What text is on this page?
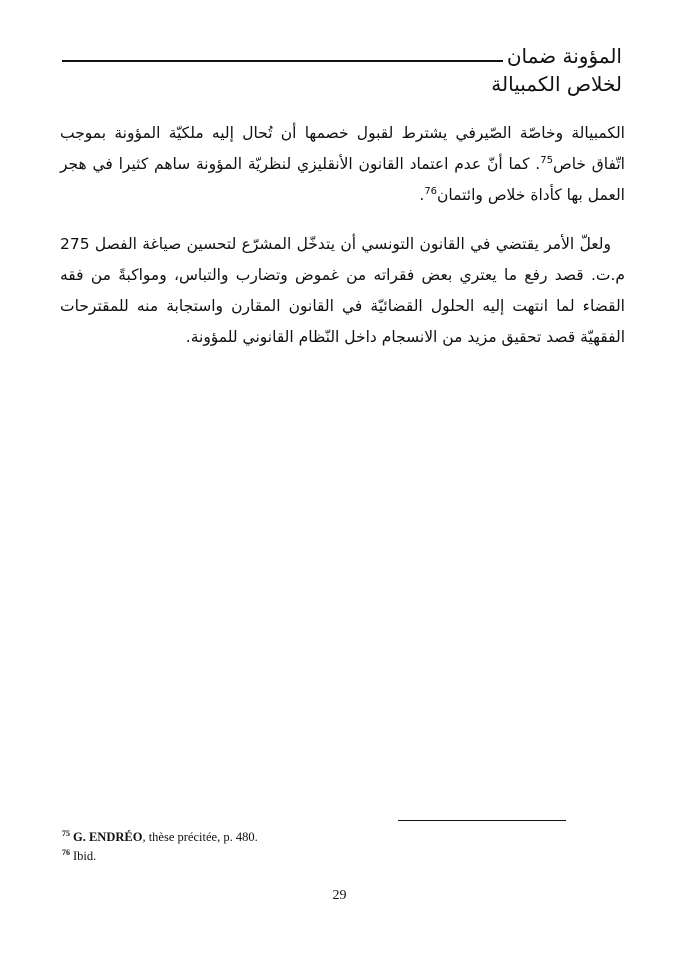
المؤونة ضمان
لخلاص الكمبيالة

الكمبيالة وخاصّة الصّيرفي يشترط لقبول خصمها أن تُحال إليه ملكيّة المؤونة بموجب اتّفاق خاص$^{75}$. كما أنّ عدم اعتماد القانون الأنقليزي لنظريّة المؤونة ساهم كثيرا في هجر العمل بها كأداة خلاص وائتمان$^{76}$.

ولعلّ الأمر يقتضي في القانون التونسي أن يتدخّل المشرّع لتحسين صياغة الفصل 275 م.ت. قصد رفع ما يعتري بعض فقراته من غموض وتضارب والتباس، ومواكبةً من فقه القضاء لما انتهت إليه الحلول القضائيّة في القانون المقارن واستجابة منه للمقترحات الفقهيّة قصد تحقيق مزيد من الانسجام داخل النّظام القانوني للمؤونة.

$^{75}$ G. ENDRÉO, thèse précitée, p. 480.
$^{76}$ Ibid.
29
